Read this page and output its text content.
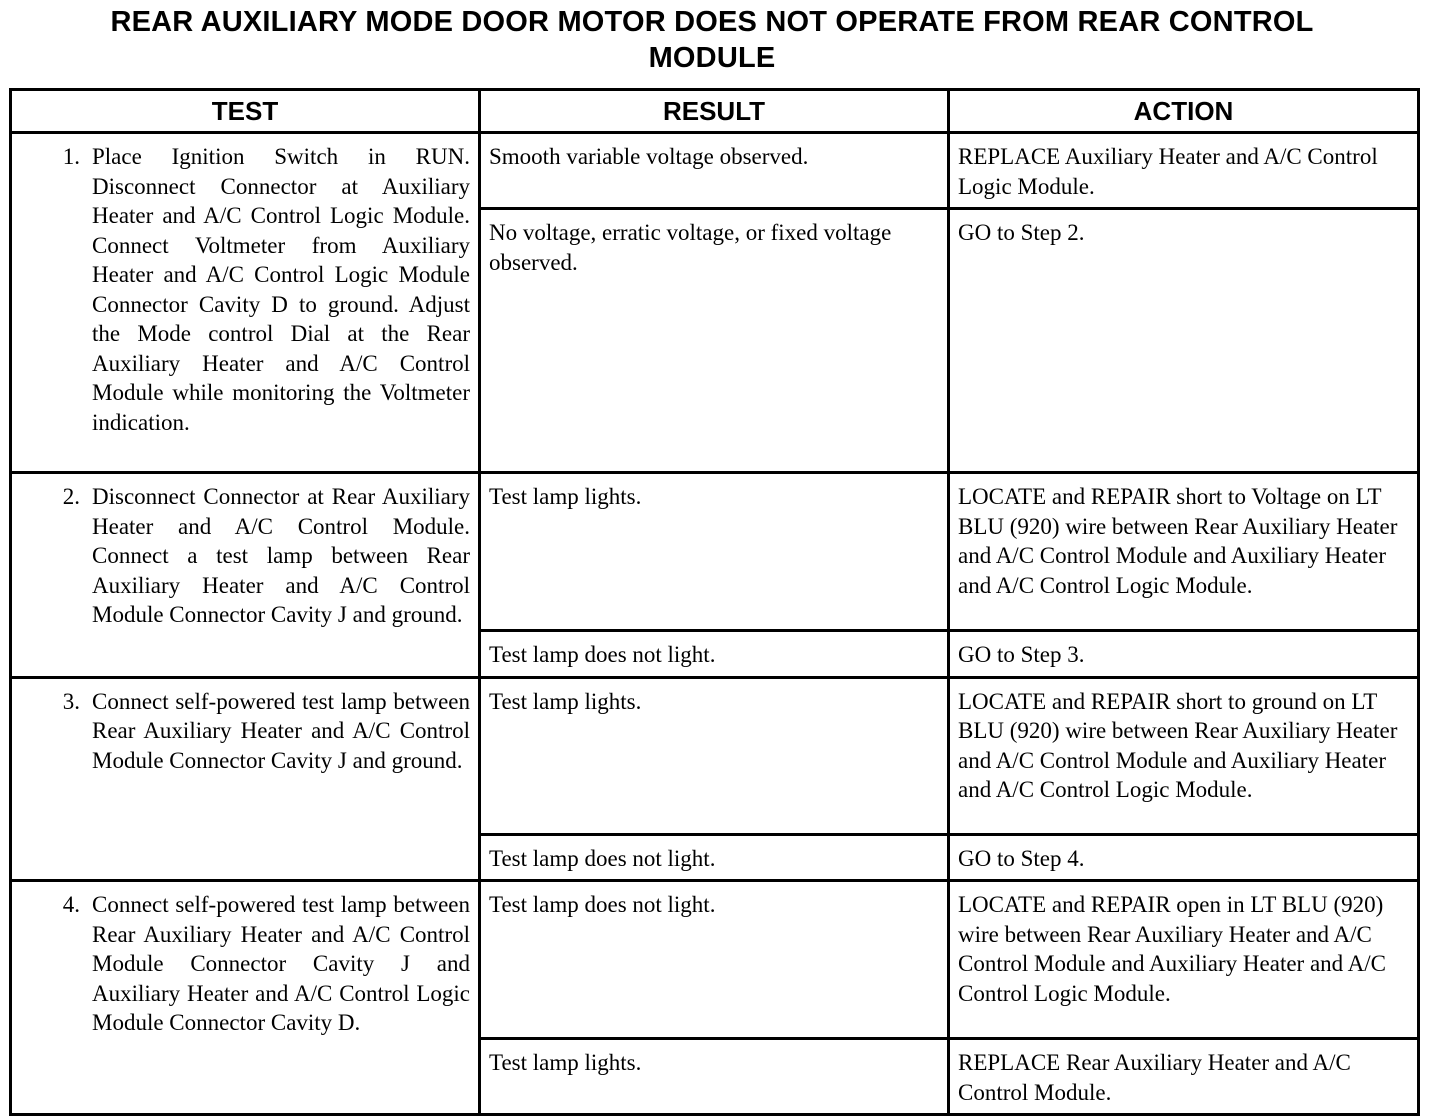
REAR AUXILIARY MODE DOOR MOTOR DOES NOT OPERATE FROM REAR CONTROL
MODULE
TEST	RESULT	ACTION

1. Place Ignition Switch in RUN. Disconnect Connector at Auxiliary Heater and A/C Control Logic Module. Connect Voltmeter from Auxiliary Heater and A/C Control Logic Module Connector Cavity D to ground. Adjust the Mode control Dial at the Rear Auxiliary Heater and A/C Control Module while monitoring the Voltmeter indication.	Smooth variable voltage observed.	REPLACE Auxiliary Heater and A/C Control Logic Module.
	No voltage, erratic voltage, or fixed voltage observed.	GO to Step 2.

2. Disconnect Connector at Rear Auxiliary Heater and A/C Control Module. Connect a test lamp between Rear Auxiliary Heater and A/C Control Module Connector Cavity J and ground.	Test lamp lights.	LOCATE and REPAIR short to Voltage on LT BLU (920) wire between Rear Auxiliary Heater and A/C Control Module and Auxiliary Heater and A/C Control Logic Module.
	Test lamp does not light.	GO to Step 3.

3. Connect self-powered test lamp between Rear Auxiliary Heater and A/C Control Module Connector Cavity J and ground.	Test lamp lights.	LOCATE and REPAIR short to ground on LT BLU (920) wire between Rear Auxiliary Heater and A/C Control Module and Auxiliary Heater and A/C Control Logic Module.
	Test lamp does not light.	GO to Step 4.

4. Connect self-powered test lamp between Rear Auxiliary Heater and A/C Control Module Connector Cavity J and Auxiliary Heater and A/C Control Logic Module Connector Cavity D.	Test lamp does not light.	LOCATE and REPAIR open in LT BLU (920) wire between Rear Auxiliary Heater and A/C Control Module and Auxiliary Heater and A/C Control Logic Module.
	Test lamp lights.	REPLACE Rear Auxiliary Heater and A/C Control Module.
